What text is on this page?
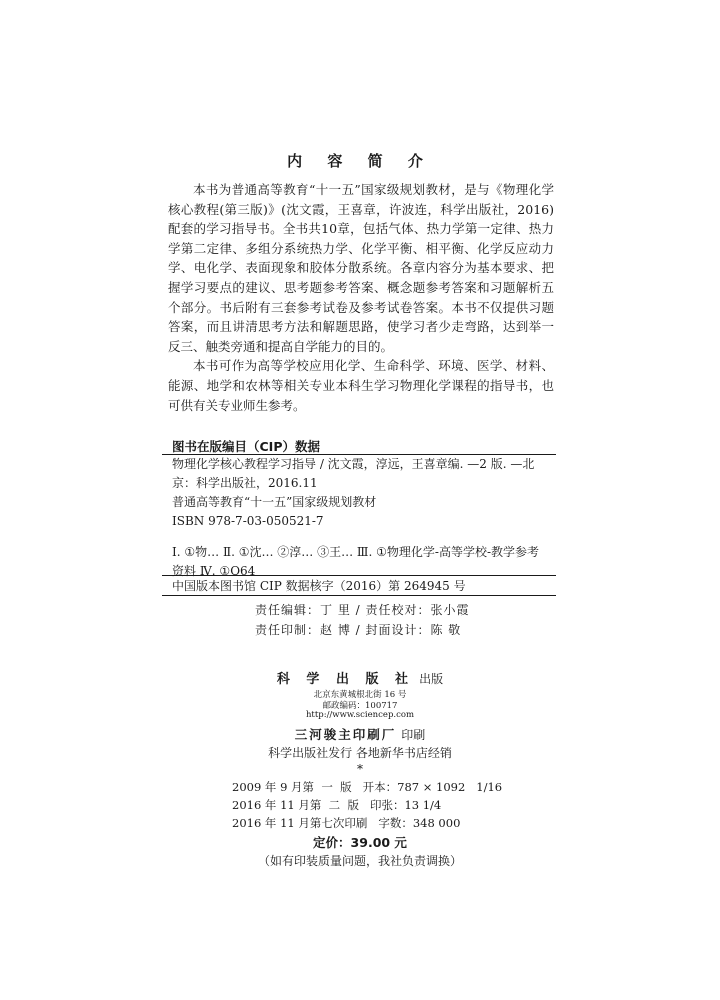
内 容 简 介

本书为普通高等教育“十一五”国家级规划教材，是与《物理化学核心教程(第三版)》(沈文霞，王喜章，许波连，科学出版社，2016)配套的学习指导书。全书共10章，包括气体、热力学第一定律、热力学第二定律、多组分系统热力学、化学平衡、相平衡、化学反应动力学、电化学、表面现象和胶体分散系统。各章内容分为基本要求、把握学习要点的建议、思考题参考答案、概念题参考答案和习题解析五个部分。书后附有三套参考试卷及参考试卷答案。本书不仅提供习题答案，而且讲清思考方法和解题思路，使学习者少走弯路，达到举一反三、触类旁通和提高自学能力的目的。

本书可作为高等学校应用化学、生命科学、环境、医学、材料、能源、地学和农林等相关专业本科生学习物理化学课程的指导书，也可供有关专业师生参考。

图书在版编目（CIP）数据
物理化学核心教程学习指导 / 沈文霞，淳远，王喜章编. —2 版. —北京：科学出版社，2016.11
普通高等教育“十一五”国家级规划教材
ISBN 978-7-03-050521-7
Ⅰ. ①物… Ⅱ. ①沈… ②淳… ③王… Ⅲ. ①物理化学-高等学校-教学参考资料 Ⅳ. ①O64
中国版本图书馆 CIP 数据核字（2016）第 264945 号
责任编辑：丁 里 / 责任校对：张小霞
责任印制：赵 博 / 封面设计：陈 敬
科 学 出 版 社 出版
北京东黄城根北街 16 号
邮政编码：100717
http://www.sciencep.com
三河骏主印刷厂 印刷
科学出版社发行 各地新华书店经销
*
2009 年 9 月第  一  版   开本：787 × 1092   1/16
2016 年 11 月第  二  版   印张：13 1/4
2016 年 11 月第七次印刷   字数：348 000
定价：39.00 元
（如有印装质量问题，我社负责调换）
